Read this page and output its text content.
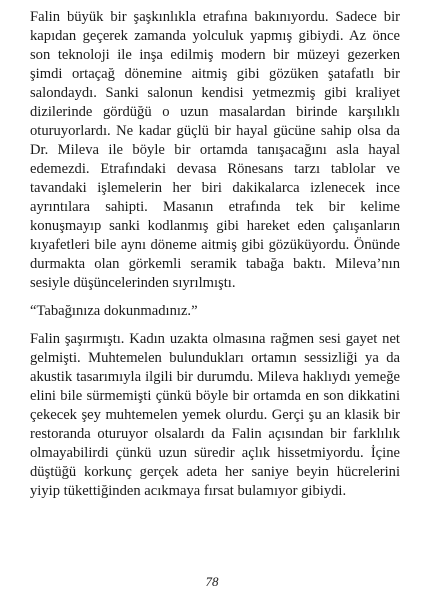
Falin büyük bir şaşkınlıkla etrafına bakınıyordu. Sadece bir kapıdan geçerek zamanda yolculuk yapmış gibiydi. Az önce son teknoloji ile inşa edilmiş modern bir müzeyi gezerken şimdi ortaçağ dönemine aitmiş gibi gözüken şatafatlı bir salondaydı. Sanki salonun kendisi yetmezmiş gibi kraliyet dizilerinde gördüğü o uzun masalardan birinde karşılıklı oturuyorlardı. Ne kadar güçlü bir hayal gücüne sahip olsa da Dr. Mileva ile böyle bir ortamda tanışacağını asla hayal edemezdi. Etrafındaki devasa Rönesans tarzı tablolar ve tavandaki işlemelerin her biri dakikalarca izlenecek ince ayrıntılara sahipti. Masanın etrafında tek bir kelime konuşmayıp sanki kodlanmış gibi hareket eden çalışanların kıyafetleri bile aynı döneme aitmiş gibi gözüküyordu. Önünde durmakta olan görkemli seramik tabağa baktı. Mileva’nın sesiyle düşüncelerinden sıyrılmıştı.

“Tabağınıza dokunmadınız.”

Falin şaşırmıştı. Kadın uzakta olmasına rağmen sesi gayet net gelmişti. Muhtemelen bulundukları ortamın sessizliği ya da akustik tasarımıyla ilgili bir durumdu. Mileva haklıydı yemeğe elini bile sürmemişti çünkü böyle bir ortamda en son dikkatini çekecek şey muhtemelen yemek olurdu. Gerçi şu an klasik bir restoranda oturuyor olsalardı da Falin açısından bir farklılık olmayabilirdi çünkü uzun süredir açlık hissetmiyordu. İçine düştüğü korkunç gerçek adeta her saniye beyin hücrelerini yiyip tükettiğinden acıkmaya fırsat bulamıyor gibiydi.

78
